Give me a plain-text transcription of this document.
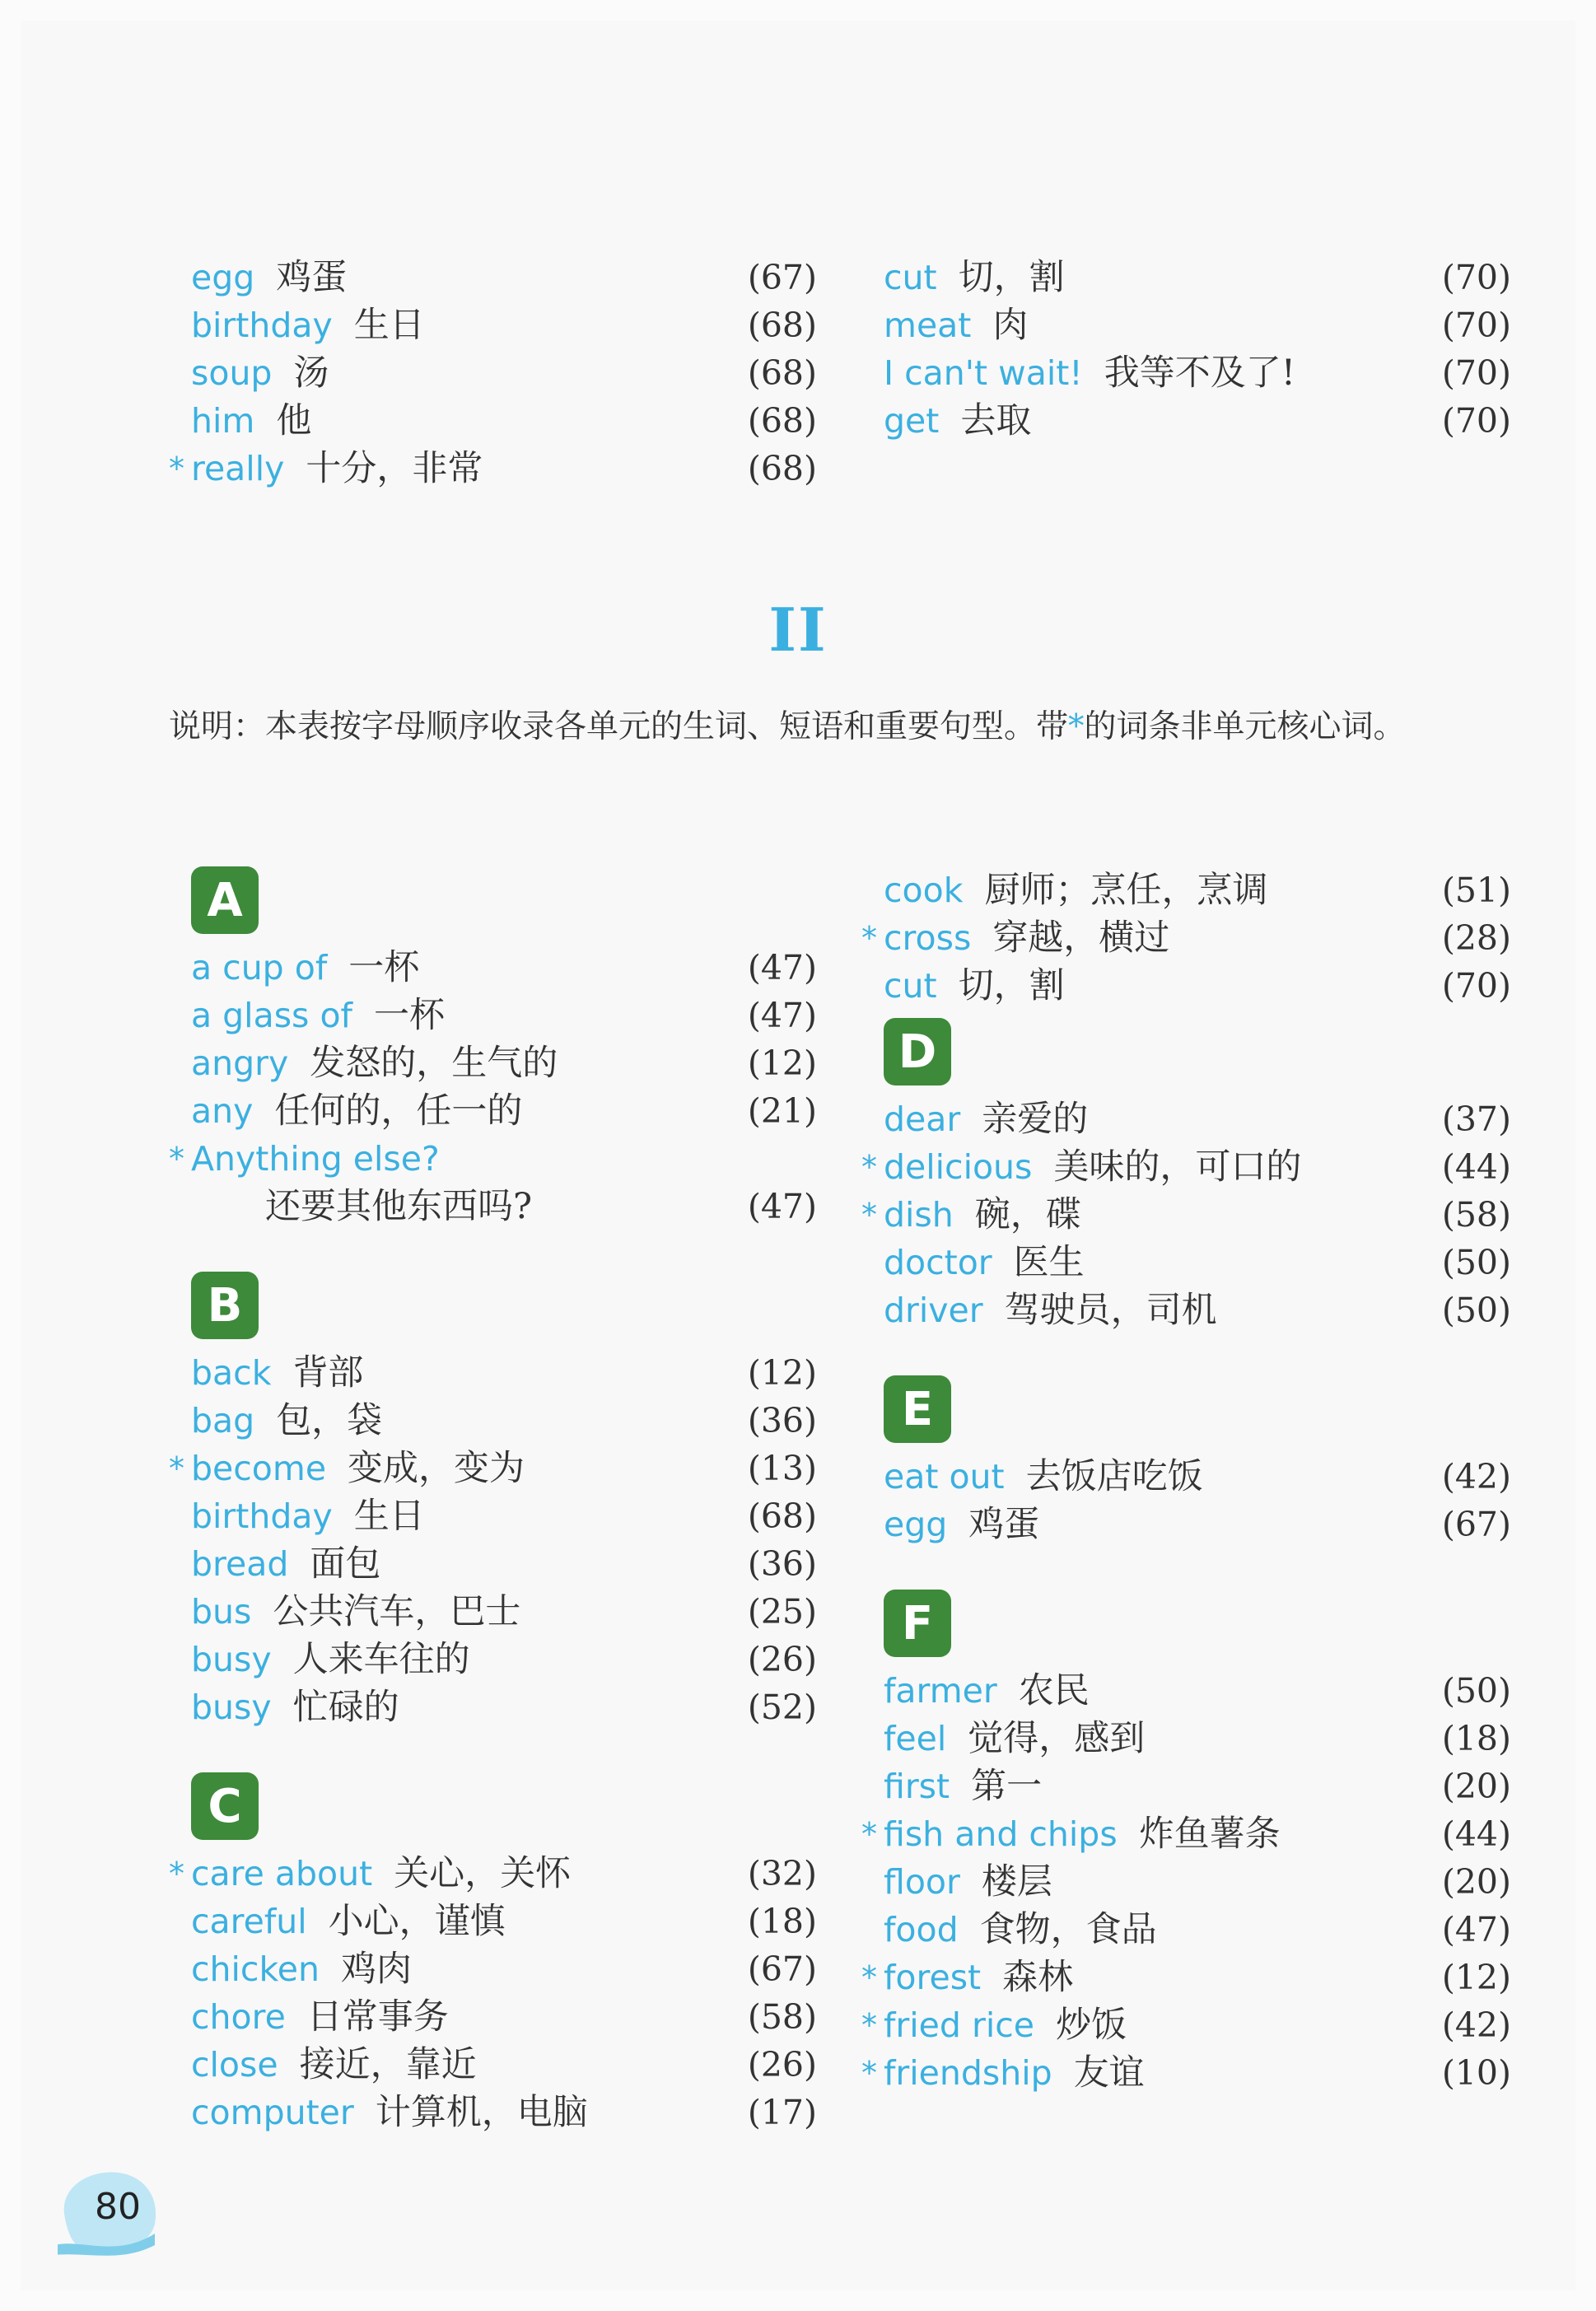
egg 鸡蛋	(67)
birthday 生日	(68)
soup 汤	(68)
him 他	(68)
* really 十分，非常	(68)
cut 切，割	(70)
meat 肉	(70)
I can't wait! 我等不及了!	(70)
get 去取	(70)
II
说明：本表按字母顺序收录各单元的生词、短语和重要句型。带*的词条非单元核心词。
A
a cup of 一杯	(47)
a glass of 一杯	(47)
angry 发怒的，生气的	(12)
any 任何的，任一的	(21)
* Anything else?
还要其他东西吗?	(47)
B
back 背部	(12)
bag 包，袋	(36)
* become 变成，变为	(13)
birthday 生日	(68)
bread 面包	(36)
bus 公共汽车，巴士	(25)
busy 人来车往的	(26)
busy 忙碌的	(52)
C
* care about 关心，关怀	(32)
careful 小心，谨慎	(18)
chicken 鸡肉	(67)
chore 日常事务	(58)
close 接近，靠近	(26)
computer 计算机，电脑	(17)
cook 厨师；烹任，烹调	(51)
* cross 穿越，横过	(28)
cut 切，割	(70)
D
dear 亲爱的	(37)
* delicious 美味的，可口的	(44)
* dish 碗，碟	(58)
doctor 医生	(50)
driver 驾驶员，司机	(50)
E
eat out 去饭店吃饭	(42)
egg 鸡蛋	(67)
F
farmer 农民	(50)
feel 觉得，感到	(18)
first 第一	(20)
* fish and chips 炸鱼薯条	(44)
floor 楼层	(20)
food 食物，食品	(47)
* forest 森林	(12)
* fried rice 炒饭	(42)
* friendship 友谊	(10)
80
